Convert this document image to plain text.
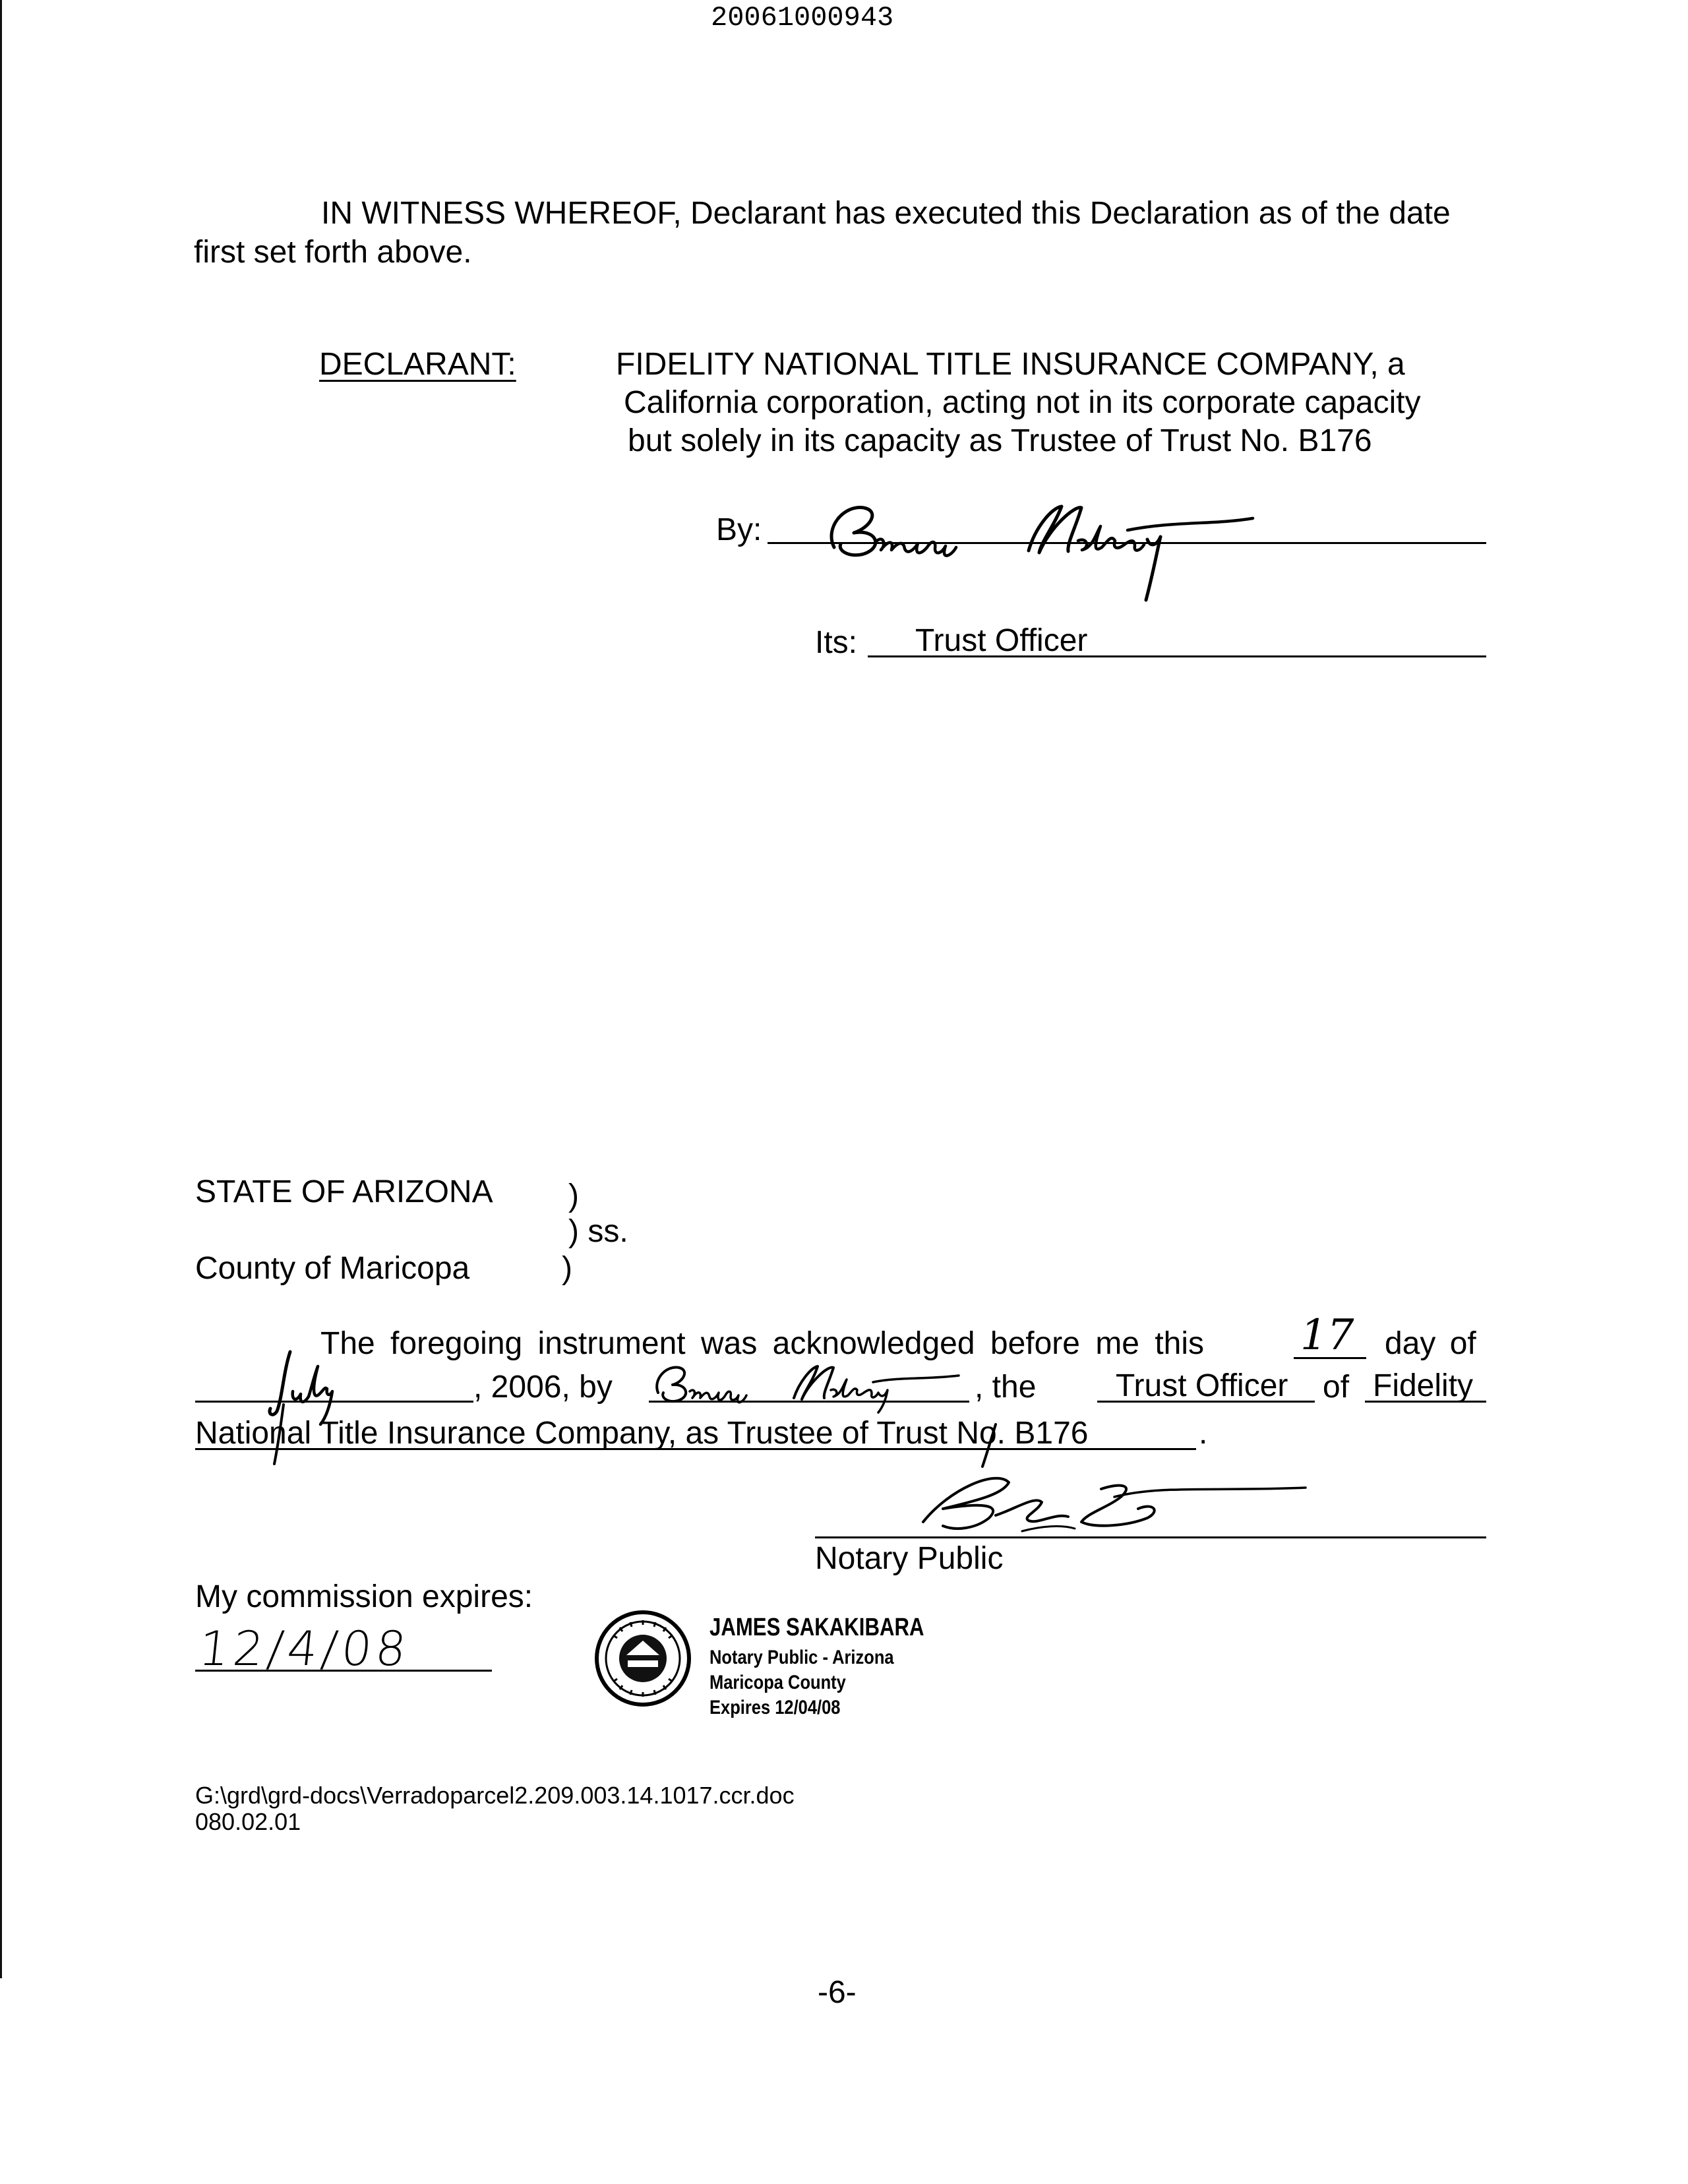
20061000943
IN WITNESS WHEREOF, Declarant has executed this Declaration as of the date
first set forth above.
DECLARANT:	FIDELITY NATIONAL TITLE INSURANCE COMPANY, a
California corporation, acting not in its corporate capacity
but solely in its capacity as Trustee of Trust No. B176
By:
Its: Trust Officer
STATE OF ARIZONA )
) ss.
County of Maricopa	)
The foregoing instrument was acknowledged before me this 17 day of
, 2006, by	, the	Trust Officer of Fidelity
National Title Insurance Company, as Trustee of Trust No. B176	.
Notary Public
My commission expires:
12/4/08	JAMES SAKAKIBARA
Notary Public - Arizona
Maricopa County
Expires 12/04/08
G:\grd\grd-docs\Verradoparcel2.209.003.14.1017.ccr.doc
080.02.01
-6-
